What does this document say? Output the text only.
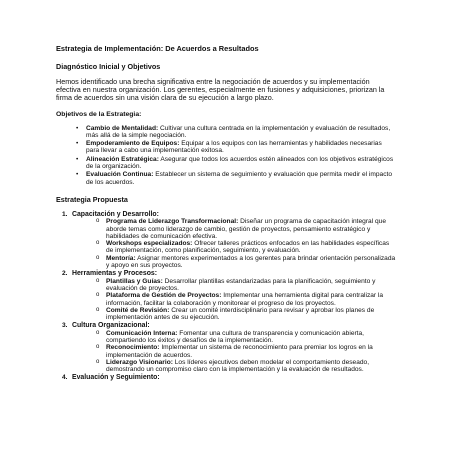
Estrategia de Implementación: De Acuerdos a Resultados
Diagnóstico Inicial y Objetivos
Hemos identificado una brecha significativa entre la negociación de acuerdos y su implementación efectiva en nuestra organización. Los gerentes, especialmente en fusiones y adquisiciones, priorizan la firma de acuerdos sin una visión clara de su ejecución a largo plazo.
Objetivos de la Estrategia:
• Cambio de Mentalidad: Cultivar una cultura centrada en la implementación y evaluación de resultados, más allá de la simple negociación.
• Empoderamiento de Equipos: Equipar a los equipos con las herramientas y habilidades necesarias para llevar a cabo una implementación exitosa.
• Alineación Estratégica: Asegurar que todos los acuerdos estén alineados con los objetivos estratégicos de la organización.
• Evaluación Continua: Establecer un sistema de seguimiento y evaluación que permita medir el impacto de los acuerdos.
Estrategia Propuesta
1. Capacitación y Desarrollo:
o Programa de Liderazgo Transformacional: Diseñar un programa de capacitación integral que aborde temas como liderazgo de cambio, gestión de proyectos, pensamiento estratégico y habilidades de comunicación efectiva.
o Workshops especializados: Ofrecer talleres prácticos enfocados en las habilidades específicas de implementación, como planificación, seguimiento, y evaluación.
o Mentoría: Asignar mentores experimentados a los gerentes para brindar orientación personalizada y apoyo en sus proyectos.
2. Herramientas y Procesos:
o Plantillas y Guías: Desarrollar plantillas estandarizadas para la planificación, seguimiento y evaluación de proyectos.
o Plataforma de Gestión de Proyectos: Implementar una herramienta digital para centralizar la información, facilitar la colaboración y monitorear el progreso de los proyectos.
o Comité de Revisión: Crear un comité interdisciplinario para revisar y aprobar los planes de implementación antes de su ejecución.
3. Cultura Organizacional:
o Comunicación Interna: Fomentar una cultura de transparencia y comunicación abierta, compartiendo los éxitos y desafíos de la implementación.
o Reconocimiento: Implementar un sistema de reconocimiento para premiar los logros en la implementación de acuerdos.
o Liderazgo Visionario: Los líderes ejecutivos deben modelar el comportamiento deseado, demostrando un compromiso claro con la implementación y la evaluación de resultados.
4. Evaluación y Seguimiento:
